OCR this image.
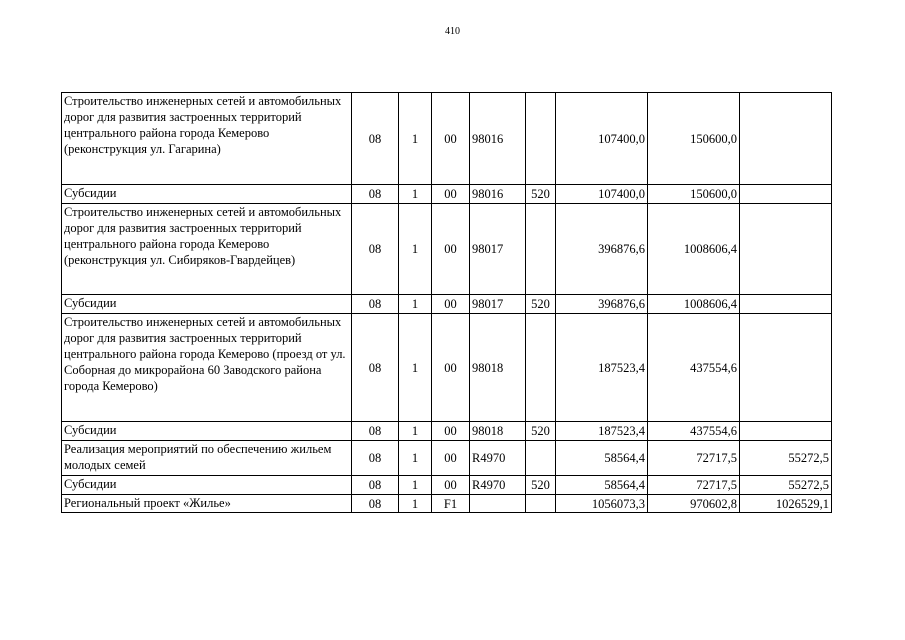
410
Строительство инженерных сетей и автомобильных дорог для развития застроенных территорий центрального района города Кемерово (реконструкция ул. Гагарина)	08	1	00	98016		107400,0	150600,0	
Субсидии	08	1	00	98016	520	107400,0	150600,0	
Строительство инженерных сетей и автомобильных дорог для развития застроенных территорий центрального района города Кемерово (реконструкция ул. Сибиряков-Гвардейцев)	08	1	00	98017		396876,6	1008606,4	
Субсидии	08	1	00	98017	520	396876,6	1008606,4	
Строительство инженерных сетей и автомобильных дорог для развития застроенных территорий центрального района города Кемерово (проезд от ул. Соборная до микрорайона 60 Заводского района города Кемерово)	08	1	00	98018		187523,4	437554,6	
Субсидии	08	1	00	98018	520	187523,4	437554,6	
Реализация мероприятий по обеспечению жильем молодых семей	08	1	00	R4970		58564,4	72717,5	55272,5
Субсидии	08	1	00	R4970	520	58564,4	72717,5	55272,5
Региональный проект «Жилье»	08	1	F1			1056073,3	970602,8	1026529,1
